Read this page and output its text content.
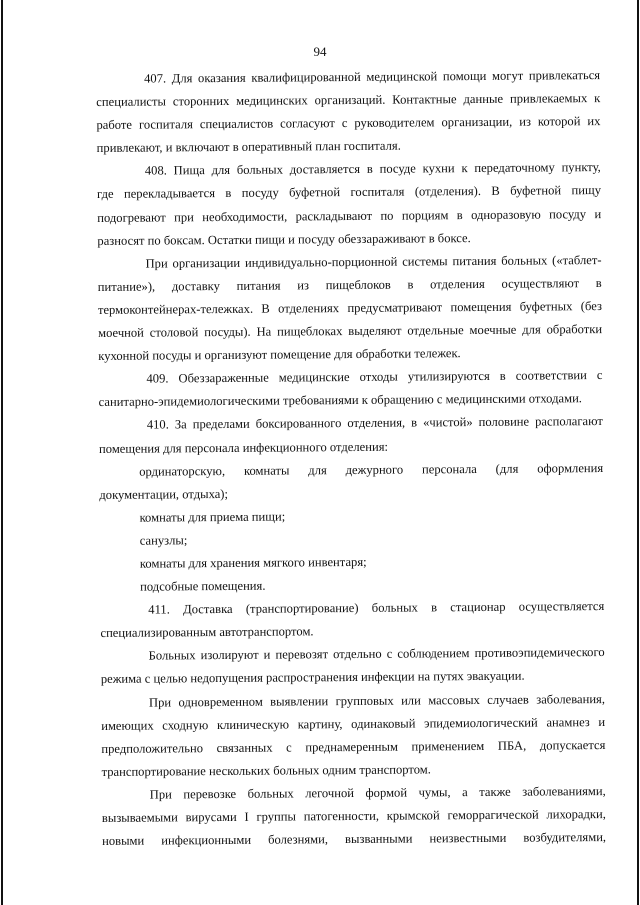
94
407. Для оказания квалифицированной медицинской помощи могут привлекаться
специалисты сторонних медицинских организаций. Контактные данные привлекаемых к
работе госпиталя специалистов согласуют с руководителем организации, из которой их
привлекают, и включают в оперативный план госпиталя.
408. Пища для больных доставляется в посуде кухни к передаточному пункту,
где перекладывается в посуду буфетной госпиталя (отделения). В буфетной пищу
подогревают при необходимости, раскладывают по порциям в одноразовую посуду и
разносят по боксам. Остатки пищи и посуду обеззараживают в боксе.
При организации индивидуально-порционной системы питания больных («таблет-
питание»), доставку питания из пищеблоков в отделения осуществляют в
термоконтейнерах-тележках. В отделениях предусматривают помещения буфетных (без
моечной столовой посуды). На пищеблоках выделяют отдельные моечные для обработки
кухонной посуды и организуют помещение для обработки тележек.
409. Обеззараженные медицинские отходы утилизируются в соответствии с
санитарно-эпидемиологическими требованиями к обращению с медицинскими отходами.
410. За пределами боксированного отделения, в «чистой» половине располагают
помещения для персонала инфекционного отделения:
ординаторскую, комнаты для дежурного персонала (для оформления
документации, отдыха);
комнаты для приема пищи;
санузлы;
комнаты для хранения мягкого инвентаря;
подсобные помещения.
411. Доставка (транспортирование) больных в стационар осуществляется
специализированным автотранспортом.
Больных изолируют и перевозят отдельно с соблюдением противоэпидемического
режима с целью недопущения распространения инфекции на путях эвакуации.
При одновременном выявлении групповых или массовых случаев заболевания,
имеющих сходную клиническую картину, одинаковый эпидемиологический анамнез и
предположительно связанных с преднамеренным применением ПБА, допускается
транспортирование нескольких больных одним транспортом.
При перевозке больных легочной формой чумы, а также заболеваниями,
вызываемыми вирусами I группы патогенности, крымской геморрагической лихорадки,
новыми инфекционными болезнями, вызванными неизвестными возбудителями,
